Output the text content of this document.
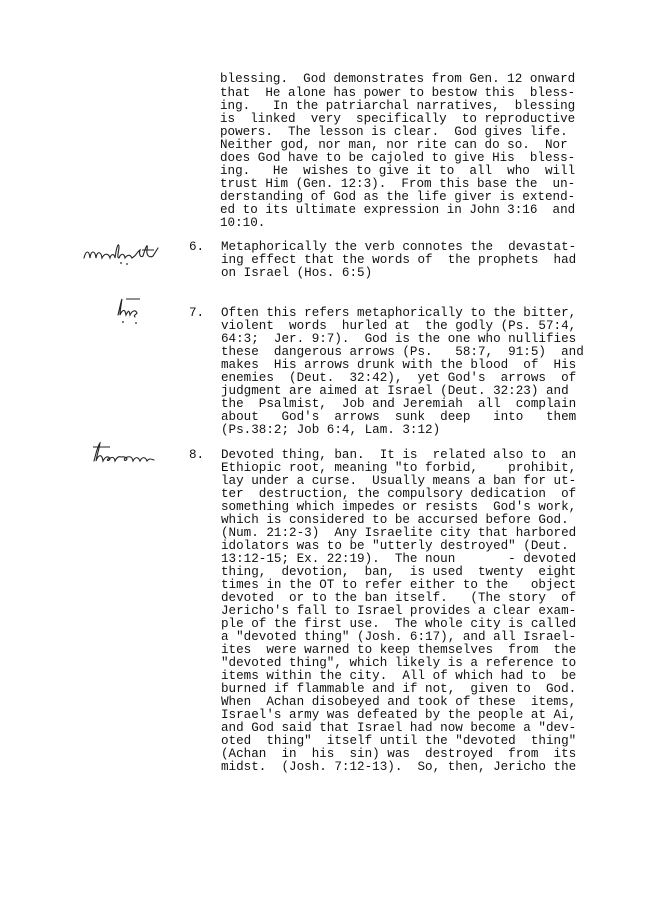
blessing.  God demonstrates from Gen. 12 onward
that  He alone has power to bestow this  bless-
ing.   In the patriarchal narratives,  blessing
is  linked  very  specifically  to reproductive
powers.  The lesson is clear.  God gives life.
Neither god, nor man, nor rite can do so.  Nor
does God have to be cajoled to give His  bless-
ing.   He  wishes to give it to  all  who  will
trust Him (Gen. 12:3).  From this base the  un-
derstanding of God as the life giver is extend-
ed to its ultimate expression in John 3:16  and
10:10.
6. Metaphorically the verb connotes the  devastat-
ing effect that the words of  the prophets  had
on Israel (Hos. 6:5)
7. Often this refers metaphorically to the bitter,
violent  words  hurled at  the godly (Ps. 57:4,
64:3;  Jer. 9:7).  God is the one who nullifies
these  dangerous arrows (Ps.   58:7,  91:5)  and
makes  His arrows drunk with the blood  of  His
enemies  (Deut.  32:42),  yet God's  arrows  of
judgment are aimed at Israel (Deut. 32:23) and
the  Psalmist,  Job and Jeremiah  all  complain
about   God's  arrows  sunk  deep   into   them
(Ps.38:2; Job 6:4, Lam. 3:12)
8. Devoted thing, ban.  It is  related also to  an
Ethiopic root, meaning "to forbid,    prohibit,
lay under a curse.  Usually means a ban for ut-
ter  destruction, the compulsory dedication  of
something which impedes or resists  God's work,
which is considered to be accursed before God.
(Num. 21:2-3)  Any Israelite city that harbored
idolators was to be "utterly destroyed" (Deut.
13:12-15; Ex. 22:19).  The noun       - devoted
thing,  devotion,  ban,  is used  twenty  eight
times in the OT to refer either to the   object
devoted  or to the ban itself.   (The story  of
Jericho's fall to Israel provides a clear exam-
ple of the first use.  The whole city is called
a "devoted thing" (Josh. 6:17), and all Israel-
ites  were warned to keep themselves  from  the
"devoted thing", which likely is a reference to
items within the city.  All of which had to  be
burned if flammable and if not,  given to  God.
When  Achan disobeyed and took of these  items,
Israel's army was defeated by the people at Ai,
and God said that Israel had now become a "dev-
oted  thing"  itself until the "devoted  thing"
(Achan  in  his  sin) was  destroyed  from  its
midst.  (Josh. 7:12-13).  So, then, Jericho the
